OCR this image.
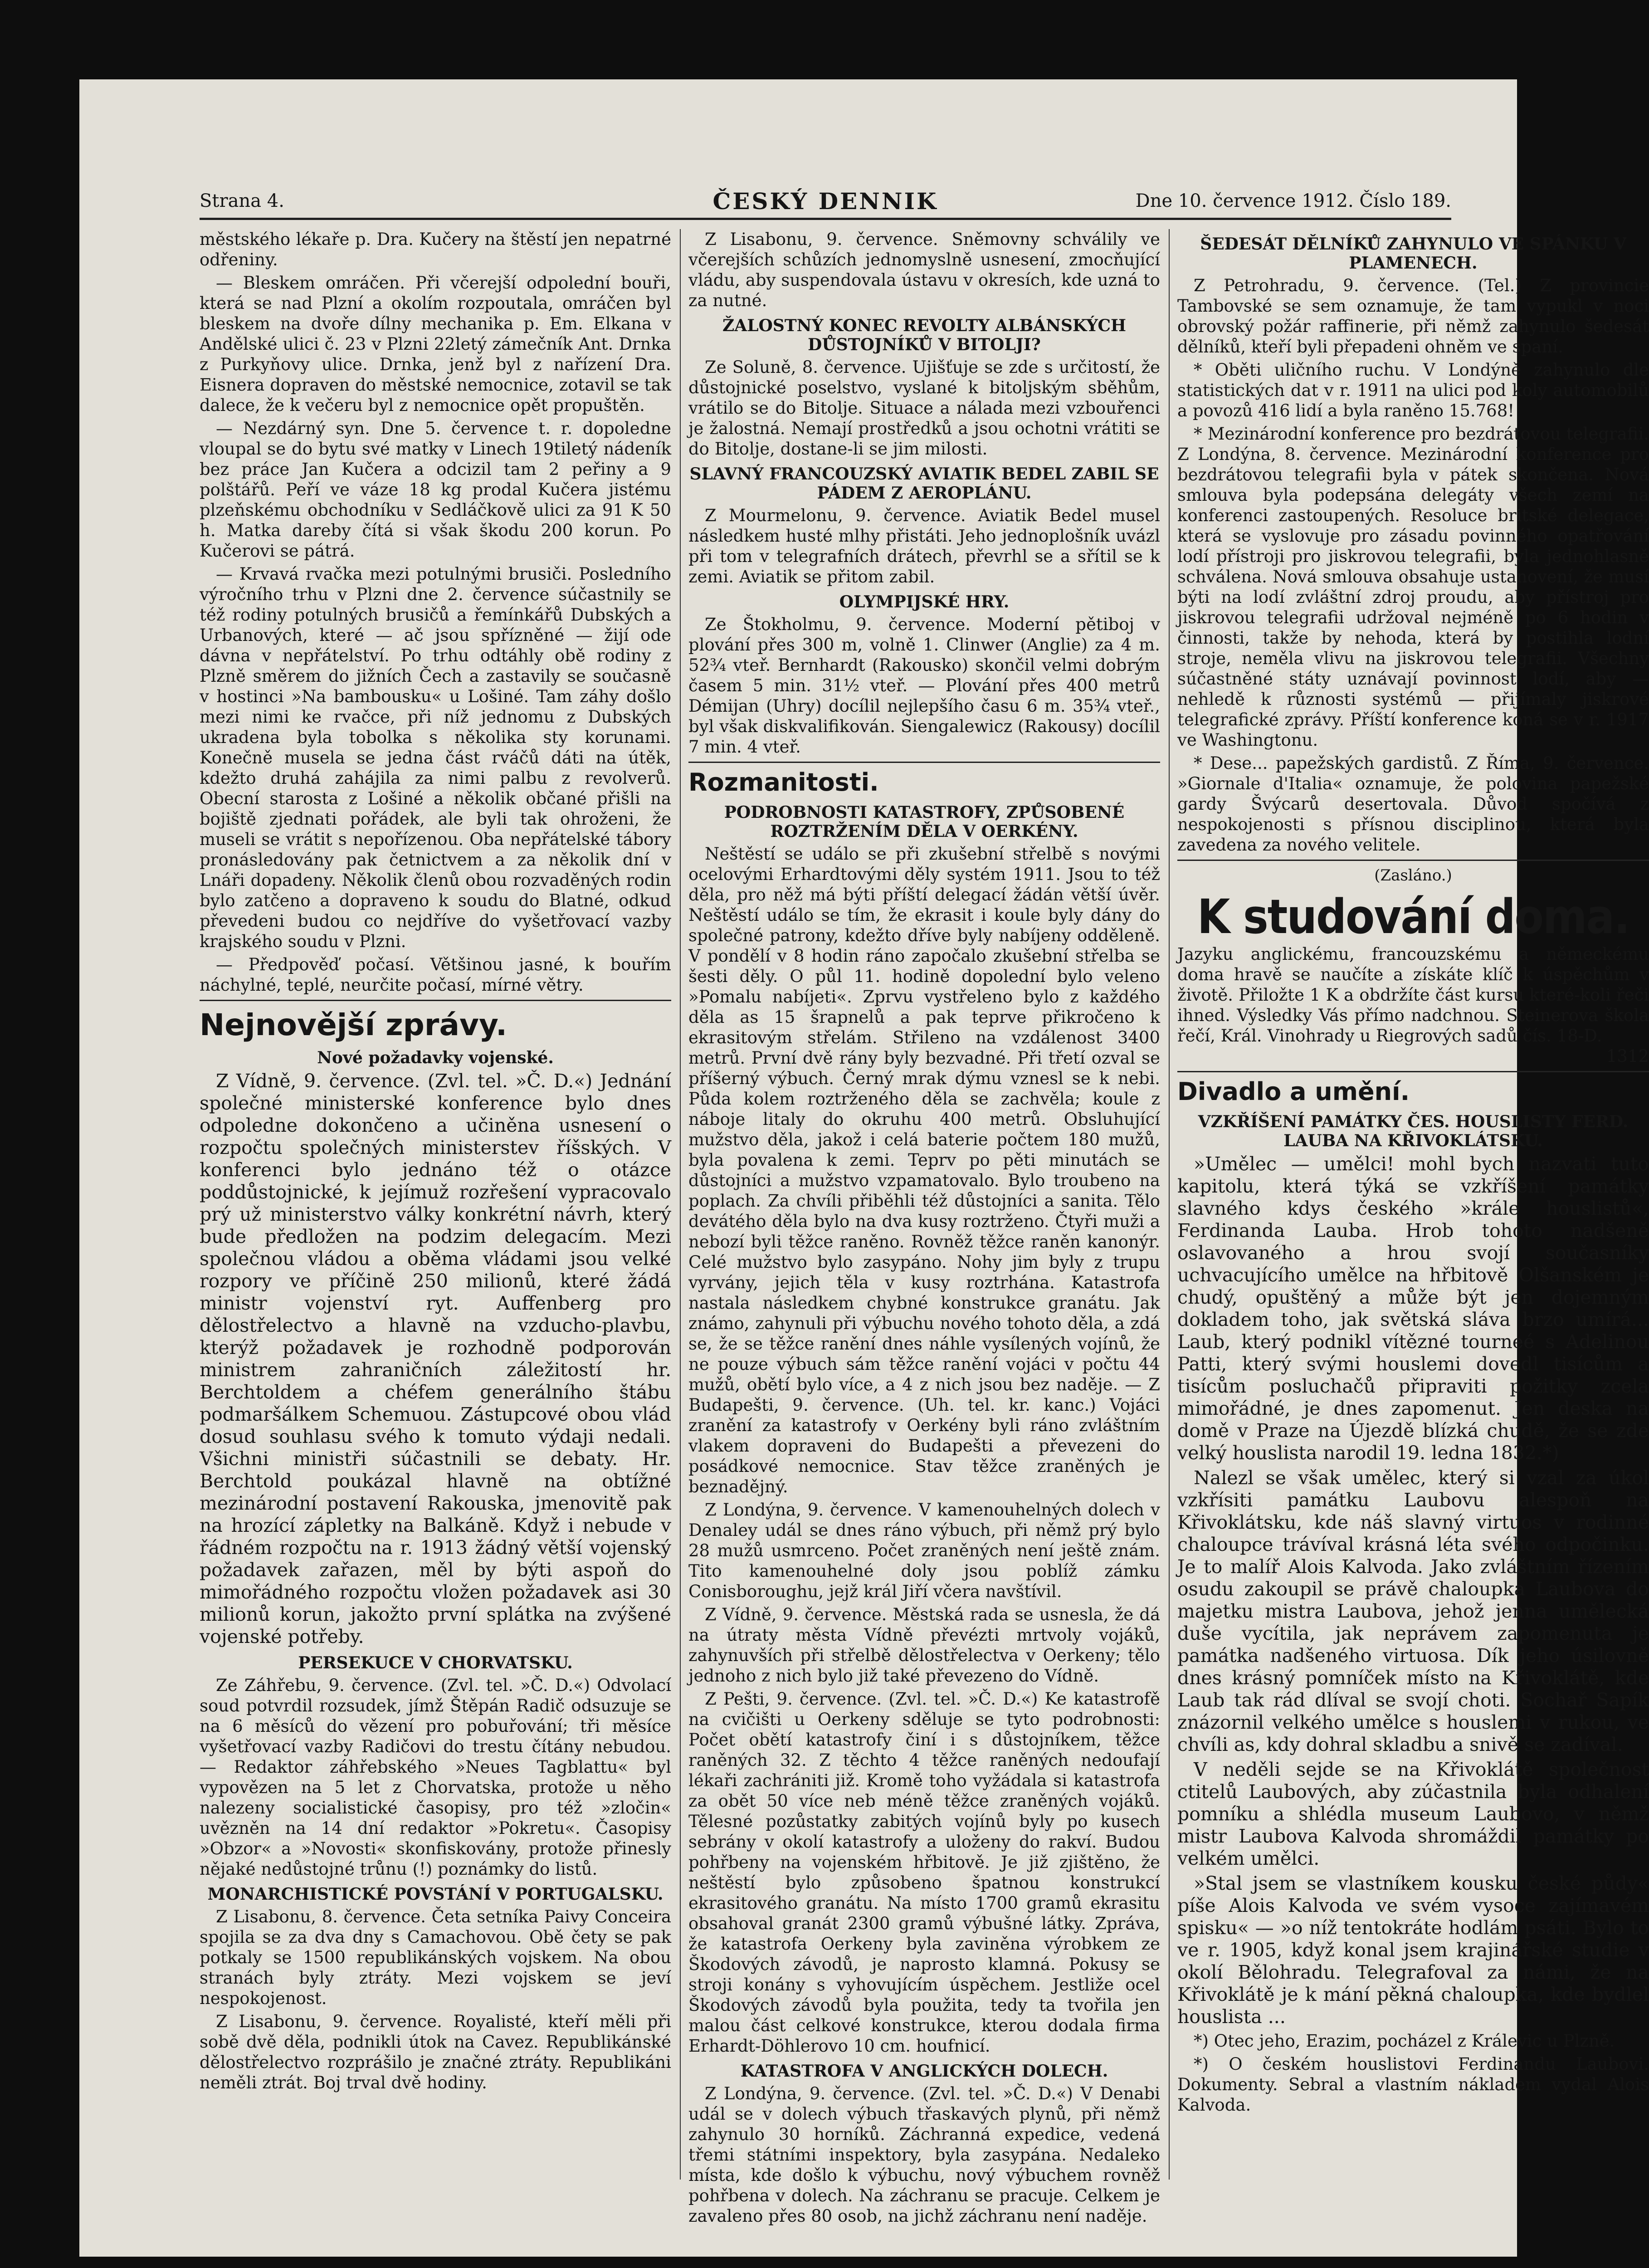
Strana 4.	ČESKÝ DENNIK	Dne 10. července 1912. Číslo 189.

městského lékaře p. Dra. Kučery na štěstí jen nepatrné odřeniny.

— Bleskem omráčen. Při včerejší odpolední bouři, která se nad Plzní a okolím rozpoutala, omráčen byl bleskem na dvoře dílny mechanika p. Em. Elkana v Andělské ulici č. 23 v Plzni 22letý zámečník Ant. Drnka z Purkyňovy ulice. Drnka, jenž byl z nařízení Dra. Eisnera dopraven do městské nemocnice, zotavil se tak dalece, že k večeru byl z nemocnice opět propuštěn.

— Nezdárný syn. Dne 5. července t. r. dopoledne vloupal se do bytu své matky v Linech 19tiletý nádeník bez práce Jan Kučera a odcizil tam 2 peřiny a 9 polštářů. Peří ve váze 18 kg prodal Kučera jistému plzeňskému obchodníku v Sedláčkově ulici za 91 K 50 h. Matka dareby čítá si však škodu 200 korun. Po Kučerovi se pátrá.

— Krvavá rvačka mezi potulnými brusiči. Posledního výročního trhu v Plzni dne 2. července súčastnily se též rodiny potulných brusičů a řemínkářů Dubských a Urbanových, které — ač jsou spřízněné — žijí ode dávna v nepřátelství. Po trhu odtáhly obě rodiny z Plzně směrem do jižních Čech a zastavily se současně v hostinci »Na bambousku« u Lošiné. Tam záhy došlo mezi nimi ke rvačce, při níž jednomu z Dubských ukradena byla tobolka s několika sty korunami. Konečně musela se jedna část rváčů dáti na útěk, kdežto druhá zahájila za nimi palbu z revolverů. Obecní starosta z Lošiné a několik občané přišli na bojiště zjednati pořádek, ale byli tak ohroženi, že museli se vrátit s nepořízenou. Oba nepřátelské tábory pronásledovány pak četnictvem a za několik dní v Lnáři dopadeny. Několik členů obou rozvaděných rodin bylo zatčeno a dopraveno k soudu do Blatné, odkud převedeni budou co nejdříve do vyšetřovací vazby krajského soudu v Plzni.

— Předpověď počasí. Většinou jasné, k bouřím náchylné, teplé, neurčite počasí, mírné větry.

Nejnovější zprávy.
Nové požadavky vojenské.

Z Vídně, 9. července. (Zvl. tel. »Č. D.«) Jednání společné ministerské konference bylo dnes odpoledne dokončeno a učiněna usnesení o rozpočtu společných ministerstev říšských. V konferenci bylo jednáno též o otázce poddůstojnické, k jejímuž rozřešení vypracovalo prý už ministerstvo války konkrétní návrh, který bude předložen na podzim delegacím. Mezi společnou vládou a oběma vládami jsou velké rozpory ve příčině 250 milionů, které žádá ministr vojenství ryt. Auffenberg pro dělostřelectvo a hlavně na vzducho-plavbu, kterýž požadavek je rozhodně podporován ministrem zahraničních záležitostí hr. Berchtoldem a chéfem generálního štábu podmaršálkem Schemuou. Zástupcové obou vlád dosud souhlasu svého k tomuto výdaji nedali. Všichni ministři súčastnili se debaty. Hr. Berchtold poukázal hlavně na obtížné mezinárodní postavení Rakouska, jmenovitě pak na hrozící zápletky na Balkáně. Když i nebude v řádném rozpočtu na r. 1913 žádný větší vojenský požadavek zařazen, měl by býti aspoň do mimořádného rozpočtu vložen požadavek asi 30 milionů korun, jakožto první splátka na zvýšené vojenské potřeby.

PERSEKUCE V CHORVATSKU.

Ze Záhřebu, 9. července. (Zvl. tel. »Č. D.«) Odvolací soud potvrdil rozsudek, jímž Štěpán Radič odsuzuje se na 6 měsíců do vězení pro pobuřování; tři měsíce vyšetřovací vazby Radičovi do trestu čítány nebudou. — Redaktor záhřebského »Neues Tagblattu« byl vypovězen na 5 let z Chorvatska, protože u něho nalezeny socialistické časopisy, pro též »zločin« uvězněn na 14 dní redaktor »Pokretu«. Časopisy »Obzor« a »Novosti« skonfiskovány, protože přinesly nějaké nedůstojné trůnu (!) poznámky do listů.

MONARCHISTICKÉ POVSTÁNÍ V PORTUGALSKU.

Z Lisabonu, 8. července. Četa setníka Paivy Conceira spojila se za dva dny s Camachovou. Obě čety se pak potkaly se 1500 republikánských vojskem. Na obou stranách byly ztráty. Mezi vojskem se jeví nespokojenost.

Z Lisabonu, 9. července. Royalisté, kteří měli při sobě dvě děla, podnikli útok na Cavez. Republikánské dělostřelectvo rozprášilo je značné ztráty. Republikáni neměli ztrát. Boj trval dvě hodiny.

Z Lisabonu, 9. července. Sněmovny schválily ve včerejších schůzích jednomyslně usnesení, zmocňující vládu, aby suspendovala ústavu v okresích, kde uzná to za nutné.

ŽALOSTNÝ KONEC REVOLTY ALBÁNSKÝCH DŮSTOJNÍKŮ V BITOLJI?

Ze Soluně, 8. července. Ujišťuje se zde s určitostí, že důstojnické poselstvo, vyslané k bitoljským sběhům, vrátilo se do Bitolje. Situace a nálada mezi vzbouřenci je žalostná. Nemají prostředků a jsou ochotni vrátiti se do Bitolje, dostane-li se jim milosti.

SLAVNÝ FRANCOUZSKÝ AVIATIK BEDEL ZABIL SE PÁDEM Z AEROPLÁNU.

Z Mourmelonu, 9. července. Aviatik Bedel musel následkem husté mlhy přistáti. Jeho jednoplošník uvázl při tom v telegrafních drátech, převrhl se a sřítil se k zemi. Aviatik se přitom zabil.

OLYMPIJSKÉ HRY.

Ze Štokholmu, 9. července. Moderní pětiboj v plování přes 300 m, volně 1. Clinwer (Anglie) za 4 m. 52¾ vteř. Bernhardt (Rakousko) skončil velmi dobrým časem 5 min. 31½ vteř. — Plování přes 400 metrů Démijan (Uhry) docílil nejlepšího času 6 m. 35¾ vteř., byl však diskvalifikován. Siengalewicz (Rakousy) docílil 7 min. 4 vteř.

Rozmanitosti.
PODROBNOSTI KATASTROFY, ZPŮSOBENÉ ROZTRŽENÍM DĚLA V OERKÉNY.

Neštěstí se událo se při zkušební střelbě s novými ocelovými Erhardtovými děly systém 1911. Jsou to též děla, pro něž má býti příští delegací žádán větší úvěr. Neštěstí událo se tím, že ekrasit i koule byly dány do společné patrony, kdežto dříve byly nabíjeny odděleně. V pondělí v 8 hodin ráno započalo zkušební střelba se šesti děly. O půl 11. hodině dopolední bylo veleno »Pomalu nabíjeti«. Zprvu vystřeleno bylo z každého děla as 15 šrapnelů a pak teprve přikročeno k ekrasitovým střelám. Střileno na vzdálenost 3400 metrů. První dvě rány byly bezvadné. Při třetí ozval se příšerný výbuch. Černý mrak dýmu vznesl se k nebi. Půda kolem roztrženého děla se zachvěla; koule z náboje litaly do okruhu 400 metrů. Obsluhující mužstvo děla, jakož i celá baterie počtem 180 mužů, byla povalena k zemi. Teprv po pěti minutách se důstojníci a mužstvo vzpamatovalo. Bylo troubeno na poplach. Za chvíli přiběhli též důstojníci a sanita. Tělo devátého děla bylo na dva kusy roztrženo. Čtyři muži a nebozí byli těžce raněno. Rovněž těžce raněn kanonýr. Celé mužstvo bylo zasypáno. Nohy jim byly z trupu vyrvány, jejich těla v kusy roztrhána. Katastrofa nastala následkem chybné konstrukce granátu. Jak známo, zahynuli při výbuchu nového tohoto děla, a zdá se, že se těžce ranění dnes náhle vysílených vojínů, že ne pouze výbuch sám těžce ranění vojáci v počtu 44 mužů, obětí bylo více, a 4 z nich jsou bez naděje. — Z Budapešti, 9. července. (Uh. tel. kr. kanc.) Vojáci zranění za katastrofy v Oerkény byli ráno zvláštním vlakem dopraveni do Budapešti a převezeni do posádkové nemocnice. Stav těžce zraněných je beznadějný.

Z Londýna, 9. července. V kamenouhelných dolech v Denaley udál se dnes ráno výbuch, při němž prý bylo 28 mužů usmrceno. Počet zraněných není ještě znám. Tito kamenouhelné doly jsou poblíž zámku Conisboroughu, jejž král Jiří včera navštívil.

Z Vídně, 9. července. Městská rada se usnesla, že dá na útraty města Vídně převézti mrtvoly vojáků, zahynuvších při střelbě dělostřelectva v Oerkeny; tělo jednoho z nich bylo již také převezeno do Vídně.

Z Pešti, 9. července. (Zvl. tel. »Č. D.«) Ke katastrofě na cvičišti u Oerkeny sděluje se tyto podrobnosti: Počet obětí katastrofy činí i s důstojníkem, těžce raněných 32. Z těchto 4 těžce raněných nedoufají lékaři zachrániti již. Kromě toho vyžádala si katastrofa za obět 50 více neb méně těžce zraněných vojáků. Tělesné pozůstatky zabitých vojínů byly po kusech sebrány v okolí katastrofy a uloženy do rakví. Budou pohřbeny na vojenském hřbitově. Je již zjištěno, že neštěstí bylo způsobeno špatnou konstrukcí ekrasitového granátu. Na místo 1700 gramů ekrasitu obsahoval granát 2300 gramů výbušné látky. Zpráva, že katastrofa Oerkeny byla zaviněna výrobkem ze Škodových závodů, je naprosto klamná. Pokusy se stroji konány s vyhovujícím úspěchem. Jestliže ocel Škodových závodů byla použita, tedy ta tvořila jen malou část celkové konstrukce, kterou dodala firma Erhardt-Döhlerovo 10 cm. houfnicí.

KATASTROFA V ANGLICKÝCH DOLECH.

Z Londýna, 9. července. (Zvl. tel. »Č. D.«) V Denabi udál se v dolech výbuch třaskavých plynů, při němž zahynulo 30 horníků. Záchranná expedice, vedená třemi státními inspektory, byla zasypána. Nedaleko místa, kde došlo k výbuchu, nový výbuchem rovněž pohřbena v dolech. Na záchranu se pracuje. Celkem je zavaleno přes 80 osob, na jichž záchranu není naděje.

ŠEDESÁT DĚLNÍKŮ ZAHYNULO VE SPÁNKU V PLAMENECH.

Z Petrohradu, 9. července. (Tel.) Z provincie Tambovské se sem oznamuje, že tam vypukl v noci obrovský požár raffinerie, při němž zahynulo šedesát dělníků, kteří byli přepadeni ohněm ve spaní.

* Oběti uličního ruchu. V Londýně zahynulo dle statistických dat v r. 1911 na ulici pod koly automobilů a povozů 416 lidí a byla raněno 15.768!

* Mezinárodní konference pro bezdrátovou telegrafii. Z Londýna, 8. července. Mezinárodní konference pro bezdrátovou telegrafii byla v pátek skončena. Nová smlouva byla podepsána delegáty všech zemí na konferenci zastoupených. Resoluce britské delegace, která se vyslovuje pro zásadu povinného opatřování lodí přístroji pro jiskrovou telegrafii, byla jednohlasně schválena. Nová smlouva obsahuje ustanovení, že musí býti na lodí zvláštní zdroj proudu, aby přístroj pro jiskrovou telegrafii udržoval nejméně po 6 hodin v činnosti, takže by nehoda, která by postihla lodní stroje, neměla vlivu na jiskrovou telegrafii. Všechny súčastněné státy uznávají povinnost lodí, aby — nehledě k různosti systémů — přijímaly jiskrové telegrafické zprávy. Příští konference koná se v r. 1917 ve Washingtonu.

* Dese... papežských gardistů. Z Říma, 9. července. »Giornale d'Italia« oznamuje, že polovina papežské gardy Švýcarů desertovala. Důvod spočívá z nespokojenosti s přísnou disciplinou, která byla zavedena za nového velitele.

(Zasláno.)
K studování doma.
Jazyku anglickému, francouzskému a německému doma hravě se naučíte a získáte klíč k úspěchům v životě. Přiložte 1 K a obdržíte část kursu které-koli řeči ihned. Výsledky Vás přímo nadchnou. Steinerova škola řečí, Král. Vinohrady u Riegrových sadů čís. 18-D.
1312
Divadlo a umění.
VZKŘÍŠENÍ PAMÁTKY ČES. HOUSLISTY FERD. LAUBA NA KŘIVOKLÁTSKU.

»Umělec — umělci! mohl bych nazvati tuto kapitolu, která týká se vzkříšení památky slavného kdys českého »krále houslistů«, Ferdinanda Lauba. Hrob tohoto nadšeně oslavovaného a hrou svojí současníky uchvacujícího umělce na hřbitově Olšanském je chudý, opuštěný a může být jen dojemným dokladem toho, jak světská sláva brzo umírá... Laub, který podnikl vítězné tourneé s Adelinou Patti, který svými houslemi dovedl tisícům a tisícům posluchačů připraviti požitky zcela mimořádné, je dnes zapomenut. Jen deska na domě v Praze na Újezdě blízká chudě, že se zde velký houslista narodil 19. ledna 1832.*)

Nalezl se však umělec, který si vzal za úkol vzkřísiti památku Laubovu alespoň na Křivoklátsku, kde náš slavný virtuos v rodinné chaloupce trávíval krásná léta svého odpočinku. Je to malíř Alois Kalvoda. Jako zvláštním řízením osudu zakoupil se právě chaloupka Laubova do majetku mistra Laubova, jehož jenna umělecká duše vycítila, jak neprávem zapomenuta je památka nadšeného virtuosa. Dík jeho úsilovně dnes krásný pomníček místo na Křivoklátě, kde Laub tak rád dlíval se svojí choti. Sochař Sapík znázornil velkého umělce s houslemi v rukou, ve chvíli as, kdy dohral skladbu a snivě se zadíval.

V neděli sejde se na Křivoklátě společnost ctitelů Laubových, aby zúčastnila byla odhalení pomníku a shlédla museum Laubovo, v němž mistr Laubova Kalvoda shromáždil památky po velkém umělci.

»Stal jsem se vlastníkem kousku české půdy« píše Alois Kalvoda ve svém vysoce zajímavém spisku« — »o níž tentokráte hodlám psáti. Bylo to ve r. 1905, když konal jsem krajinářské studie v okolí Bělohradu. Telegrafoval za námi, že na Křivoklátě je k mání pěkná chaloupka, kde bydlel houslista ...

*) Otec jeho, Erazim, pocházel z Králevic u Plzně.

*) O českém houslistovi Ferdinandu Laubovi. Dokumenty. Sebral a vlastním nákladem vydal Alois Kalvoda.
